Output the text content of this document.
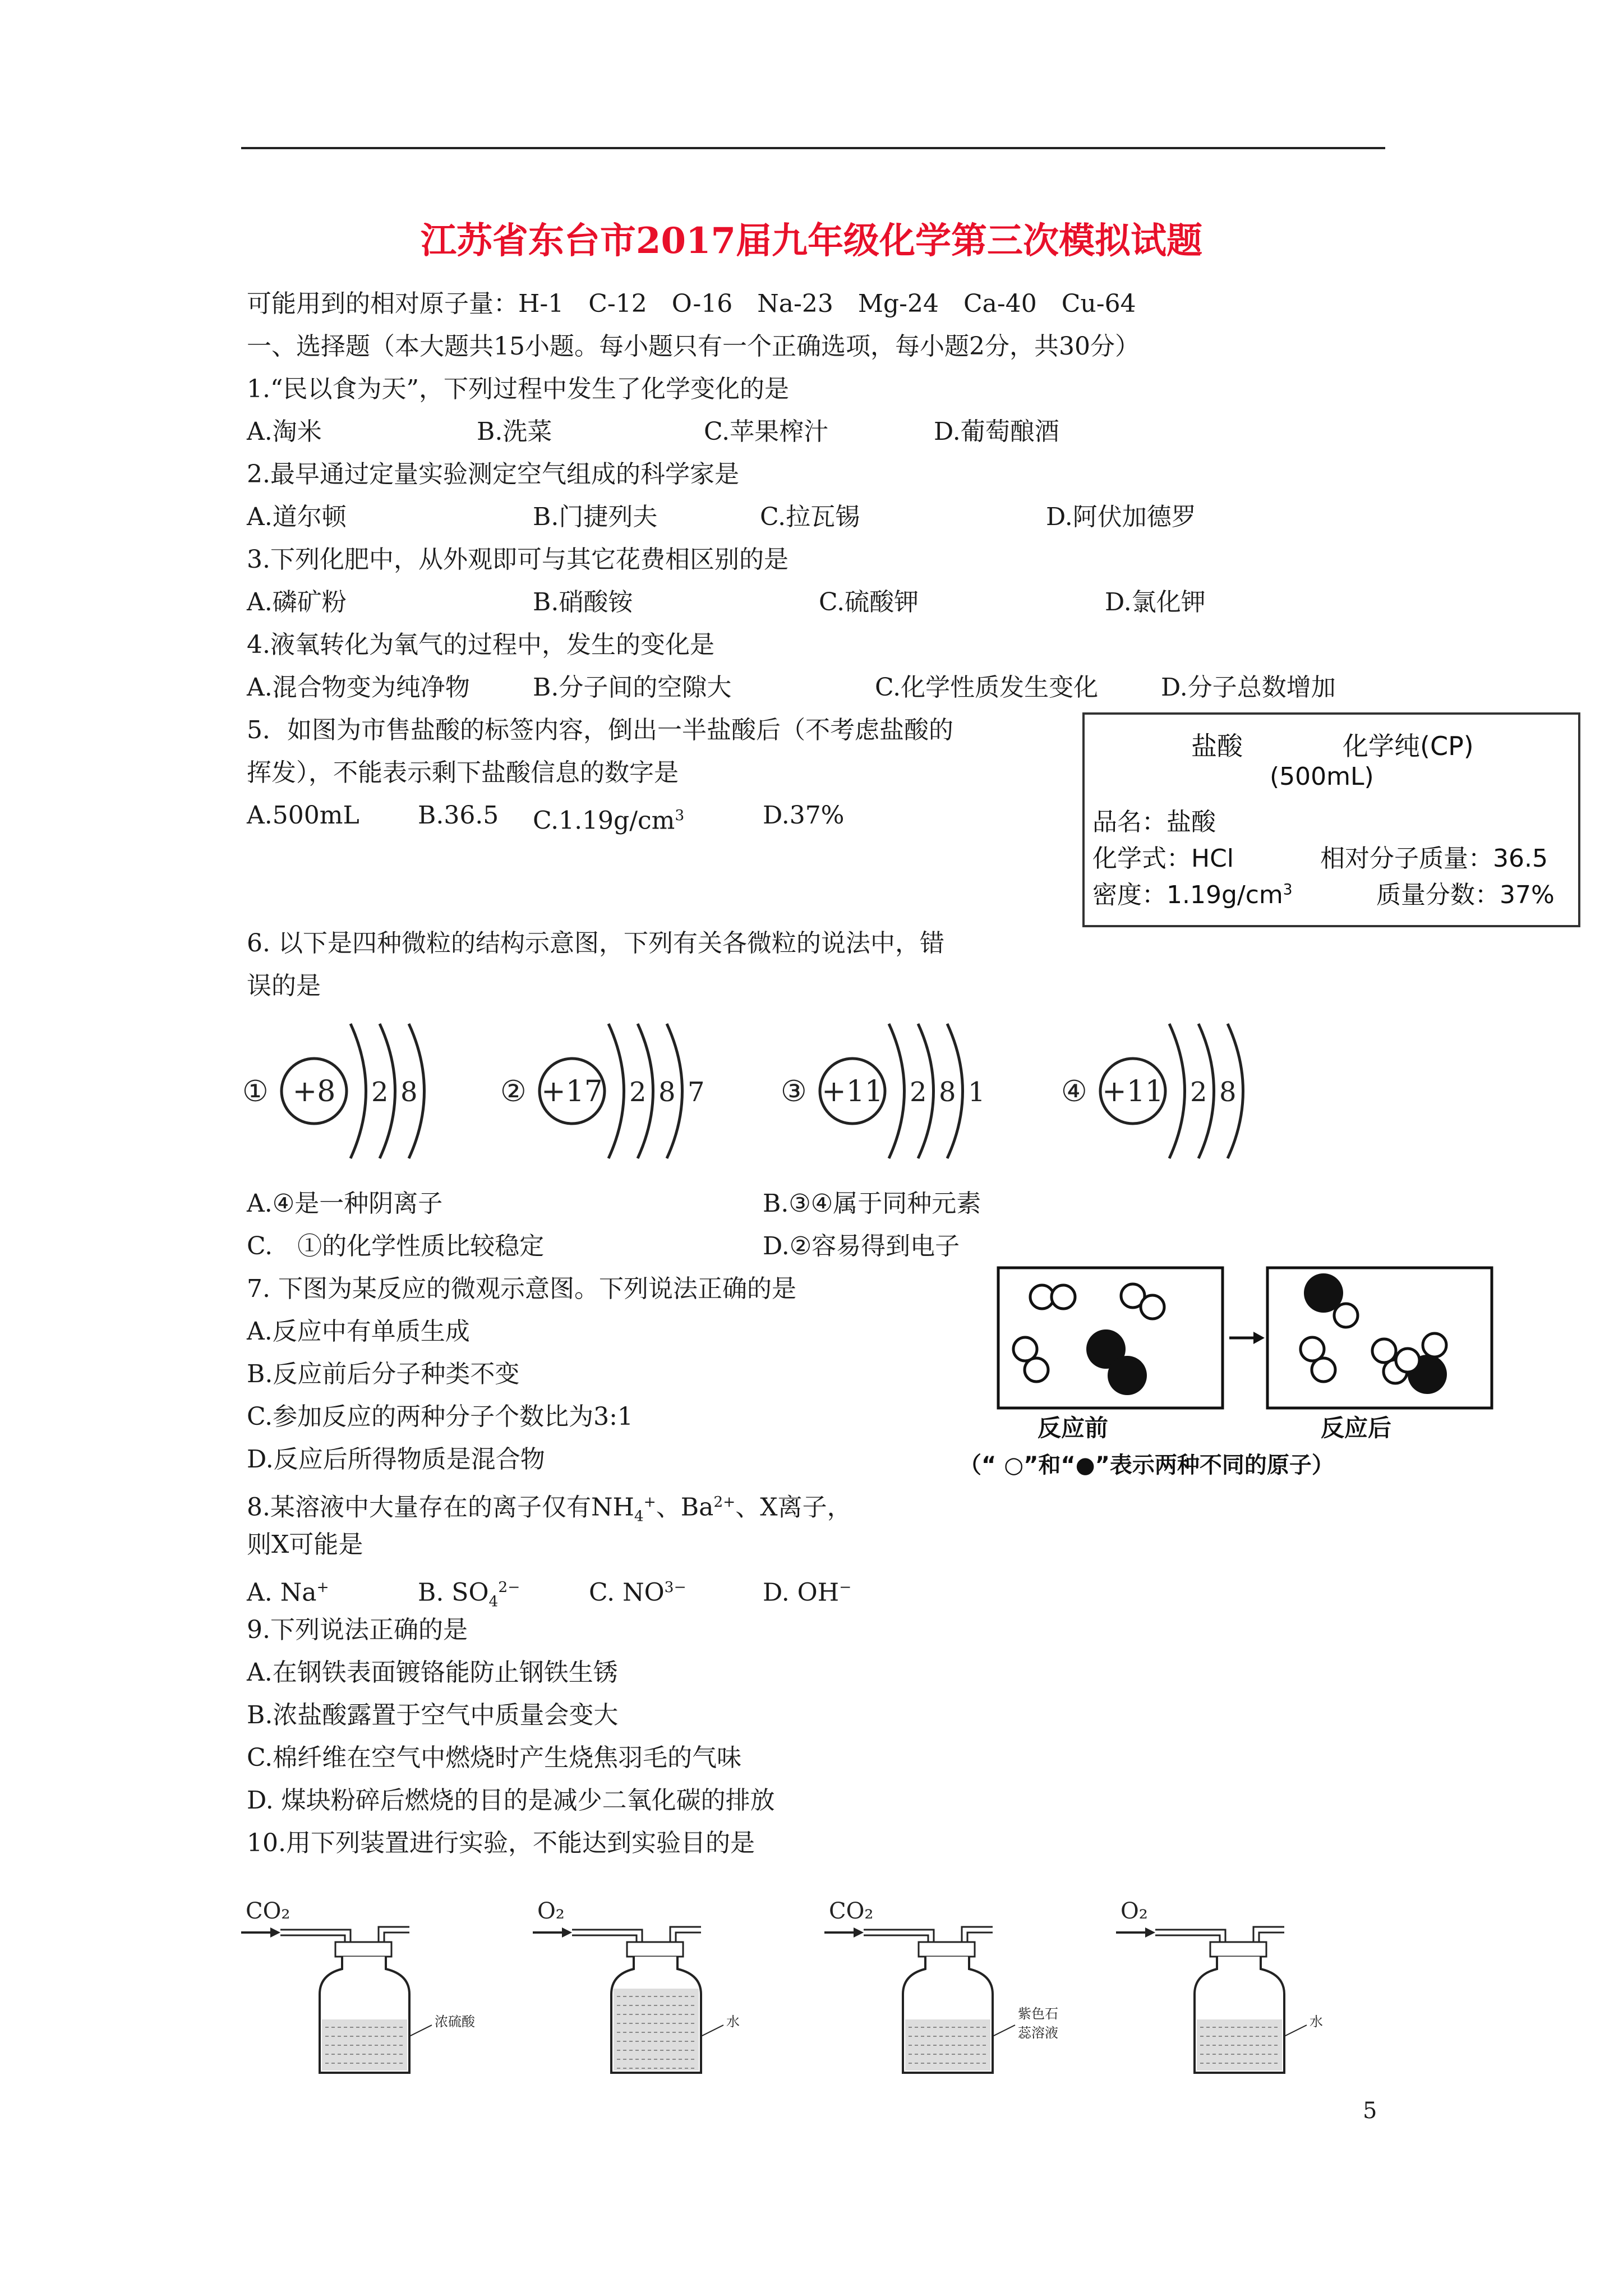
江苏省东台市2017届九年级化学第三次模拟试题
可能用到的相对原子量：H-1　C-12　O-16　Na-23　Mg-24　Ca-40　Cu-64
一、选择题（本大题共15小题。每小题只有一个正确选项，每小题2分，共30分）
1.“民以食为天”，下列过程中发生了化学变化的是
A.淘米	B.洗菜	C.苹果榨汁	D.葡萄酿酒
2.最早通过定量实验测定空气组成的科学家是
A.道尔顿	B.门捷列夫	C.拉瓦锡	D.阿伏加德罗
3.下列化肥中，从外观即可与其它花费相区别的是
A.磷矿粉	B.硝酸铵	C.硫酸钾	D.氯化钾
4.液氧转化为氧气的过程中，发生的变化是
A.混合物变为纯净物	B.分子间的空隙大	C.化学性质发生变化	D.分子总数增加
5．如图为市售盐酸的标签内容，倒出一半盐酸后（不考虑盐酸的
挥发），不能表示剩下盐酸信息的数字是
A.500mL B.36.5 $C.1.19g/cm^3$	D.37%
盐酸	化学纯(CP)
(500mL)
品名：盐酸
化学式：HCl	相对分子质量：36.5
密度：$1.19g/cm^3$	质量分数：37%
6. 以下是四种微粒的结构示意图，下列有关各微粒的说法中，错
误的是
① +8 2 8	② +17 2 8 7	③ +11 2 8 1	④ +11 2 8
A.④是一种阴离子	B.③④属于同种元素
C.　①的化学性质比较稳定	D.②容易得到电子
7. 下图为某反应的微观示意图。下列说法正确的是
A.反应中有单质生成
B.反应前后分子种类不变
C.参加反应的两种分子个数比为3:1
D.反应后所得物质是混合物
反应前	反应后
（“ ○”和“●”表示两种不同的原子）
8.某溶液中大量存在的离子仅有$NH_4^+$、$Ba^{2+}$、X离子，
则X可能是
A. Na+	B. $SO_4^{2-}$	C. $NO^{3-}$	D. OH−
9.下列说法正确的是
A.在钢铁表面镀铬能防止钢铁生锈
B.浓盐酸露置于空气中质量会变大
C.棉纤维在空气中燃烧时产生烧焦羽毛的气味
D. 煤块粉碎后燃烧的目的是减少二氧化碳的排放
10.用下列装置进行实验，不能达到实验目的是
CO₂
浓硫酸
O₂
水
CO₂
紫色石
蕊溶液
O₂
水
5
